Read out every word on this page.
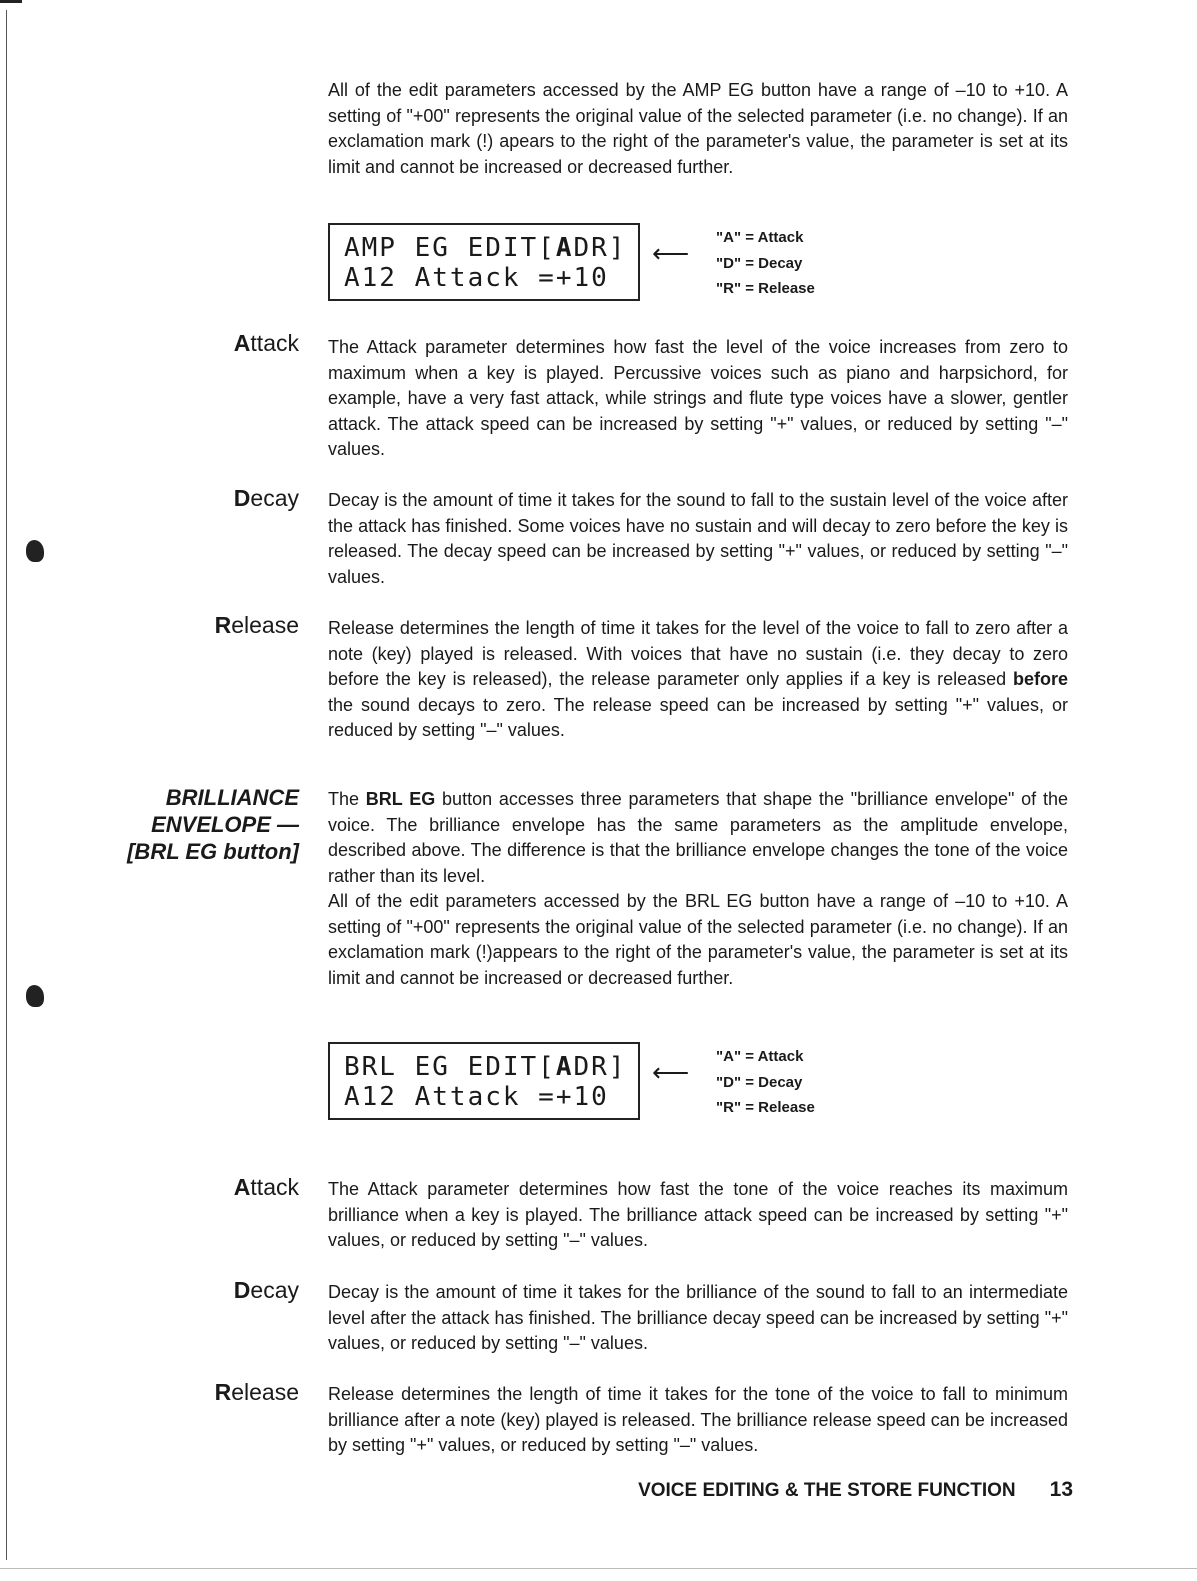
All of the edit parameters accessed by the AMP EG button have a range of –10 to +10. A setting of "+00" represents the original value of the selected parameter (i.e. no change). If an exclamation mark (!) apears to the right of the parameter's value, the parameter is set at its limit and cannot be increased or decreased further.

AMP EG EDIT[ADR]
A12 Attack =+10
⟵
"A" = Attack
"D" = Decay
"R" = Release
Attack The Attack parameter determines how fast the level of the voice increases from zero to maximum when a key is played. Percussive voices such as piano and harpsichord, for example, have a very fast attack, while strings and flute type voices have a slower, gentler attack. The attack speed can be increased by setting "+" values, or reduced by setting "–" values.

Decay Decay is the amount of time it takes for the sound to fall to the sustain level of the voice after the attack has finished. Some voices have no sustain and will decay to zero before the key is released. The decay speed can be increased by setting "+" values, or reduced by setting "–" values.

Release Release determines the length of time it takes for the level of the voice to fall to zero after a note (key) played is released. With voices that have no sustain (i.e. they decay to zero before the key is released), the release parameter only applies if a key is released before the sound decays to zero. The release speed can be increased by setting "+" values, or reduced by setting "–" values.

BRILLIANCE
ENVELOPE —
[BRL EG button]

The BRL EG button accesses three parameters that shape the "brilliance envelope" of the voice. The brilliance envelope has the same parameters as the amplitude envelope, described above. The difference is that the brilliance envelope changes the tone of the voice rather than its level.

All of the edit parameters accessed by the BRL EG button have a range of –10 to +10. A setting of "+00" represents the original value of the selected parameter (i.e. no change). If an exclamation mark (!)appears to the right of the parameter's value, the parameter is set at its limit and cannot be increased or decreased further.

BRL EG EDIT[ADR]
A12 Attack =+10
⟵
"A" = Attack
"D" = Decay
"R" = Release
Attack The Attack parameter determines how fast the tone of the voice reaches its maximum brilliance when a key is played. The brilliance attack speed can be increased by setting "+" values, or reduced by setting "–" values.

Decay Decay is the amount of time it takes for the brilliance of the sound to fall to an intermediate level after the attack has finished. The brilliance decay speed can be increased by setting "+" values, or reduced by setting "–" values.

Release Release determines the length of time it takes for the tone of the voice to fall to minimum brilliance after a note (key) played is released. The brilliance release speed can be increased by setting "+" values, or reduced by setting "–" values.

VOICE EDITING & THE STORE FUNCTION 13
